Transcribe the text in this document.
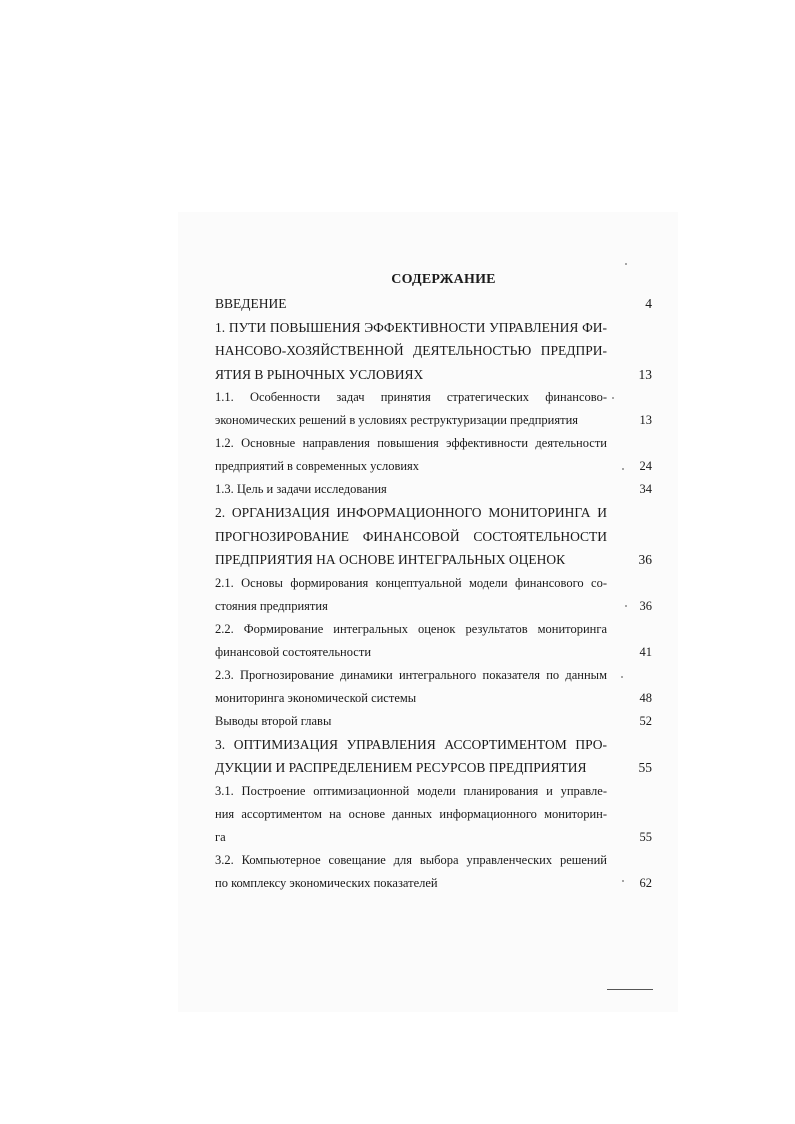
СОДЕРЖАНИЕ
ВВЕДЕНИЕ	4
1. ПУТИ ПОВЫШЕНИЯ ЭФФЕКТИВНОСТИ УПРАВЛЕНИЯ ФИ-
НАНСОВО-ХОЗЯЙСТВЕННОЙ ДЕЯТЕЛЬНОСТЬЮ ПРЕДПРИ-
ЯТИЯ В РЫНОЧНЫХ УСЛОВИЯХ	13
1.1. Особенности задач принятия стратегических финансово-
экономических решений в условиях реструктуризации предприятия	13
1.2. Основные направления повышения эффективности деятельности
предприятий в современных условиях	24
1.3. Цель и задачи исследования	34
2. ОРГАНИЗАЦИЯ ИНФОРМАЦИОННОГО МОНИТОРИНГА И
ПРОГНОЗИРОВАНИЕ ФИНАНСОВОЙ СОСТОЯТЕЛЬНОСТИ
ПРЕДПРИЯТИЯ НА ОСНОВЕ ИНТЕГРАЛЬНЫХ ОЦЕНОК	36
2.1. Основы формирования концептуальной модели финансового со-
стояния предприятия	36
2.2. Формирование интегральных оценок результатов мониторинга
финансовой состоятельности	41
2.3. Прогнозирование динамики интегрального показателя по данным
мониторинга экономической системы	48
Выводы второй главы	52
3. ОПТИМИЗАЦИЯ УПРАВЛЕНИЯ АССОРТИМЕНТОМ ПРО-
ДУКЦИИ И РАСПРЕДЕЛЕНИЕМ РЕСУРСОВ ПРЕДПРИЯТИЯ	55
3.1. Построение оптимизационной модели планирования и управле-
ния ассортиментом на основе данных информационного мониторин-
га	55
3.2. Компьютерное совещание для выбора управленческих решений
по комплексу экономических показателей	62
